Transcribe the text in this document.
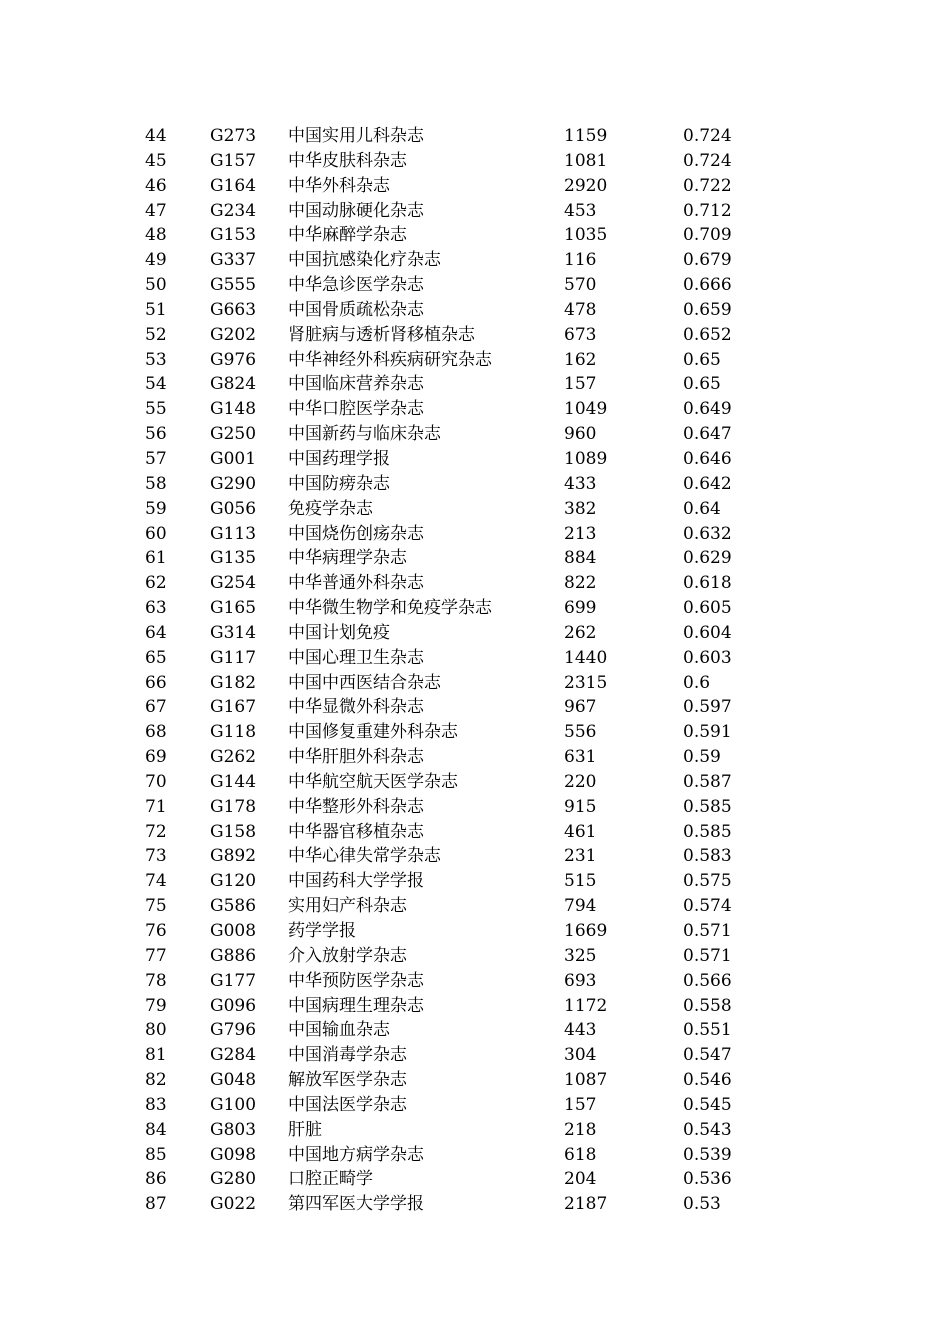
44	G273	中国实用儿科杂志	1159	0.724
45	G157	中华皮肤科杂志	1081	0.724
46	G164	中华外科杂志	2920	0.722
47	G234	中国动脉硬化杂志	453	0.712
48	G153	中华麻醉学杂志	1035	0.709
49	G337	中国抗感染化疗杂志	116	0.679
50	G555	中华急诊医学杂志	570	0.666
51	G663	中国骨质疏松杂志	478	0.659
52	G202	肾脏病与透析肾移植杂志	673	0.652
53	G976	中华神经外科疾病研究杂志	162	0.65
54	G824	中国临床营养杂志	157	0.65
55	G148	中华口腔医学杂志	1049	0.649
56	G250	中国新药与临床杂志	960	0.647
57	G001	中国药理学报	1089	0.646
58	G290	中国防痨杂志	433	0.642
59	G056	免疫学杂志	382	0.64
60	G113	中国烧伤创疡杂志	213	0.632
61	G135	中华病理学杂志	884	0.629
62	G254	中华普通外科杂志	822	0.618
63	G165	中华微生物学和免疫学杂志	699	0.605
64	G314	中国计划免疫	262	0.604
65	G117	中国心理卫生杂志	1440	0.603
66	G182	中国中西医结合杂志	2315	0.6
67	G167	中华显微外科杂志	967	0.597
68	G118	中国修复重建外科杂志	556	0.591
69	G262	中华肝胆外科杂志	631	0.59
70	G144	中华航空航天医学杂志	220	0.587
71	G178	中华整形外科杂志	915	0.585
72	G158	中华器官移植杂志	461	0.585
73	G892	中华心律失常学杂志	231	0.583
74	G120	中国药科大学学报	515	0.575
75	G586	实用妇产科杂志	794	0.574
76	G008	药学学报	1669	0.571
77	G886	介入放射学杂志	325	0.571
78	G177	中华预防医学杂志	693	0.566
79	G096	中国病理生理杂志	1172	0.558
80	G796	中国输血杂志	443	0.551
81	G284	中国消毒学杂志	304	0.547
82	G048	解放军医学杂志	1087	0.546
83	G100	中国法医学杂志	157	0.545
84	G803	肝脏	218	0.543
85	G098	中国地方病学杂志	618	0.539
86	G280	口腔正畸学	204	0.536
87	G022	第四军医大学学报	2187	0.53
